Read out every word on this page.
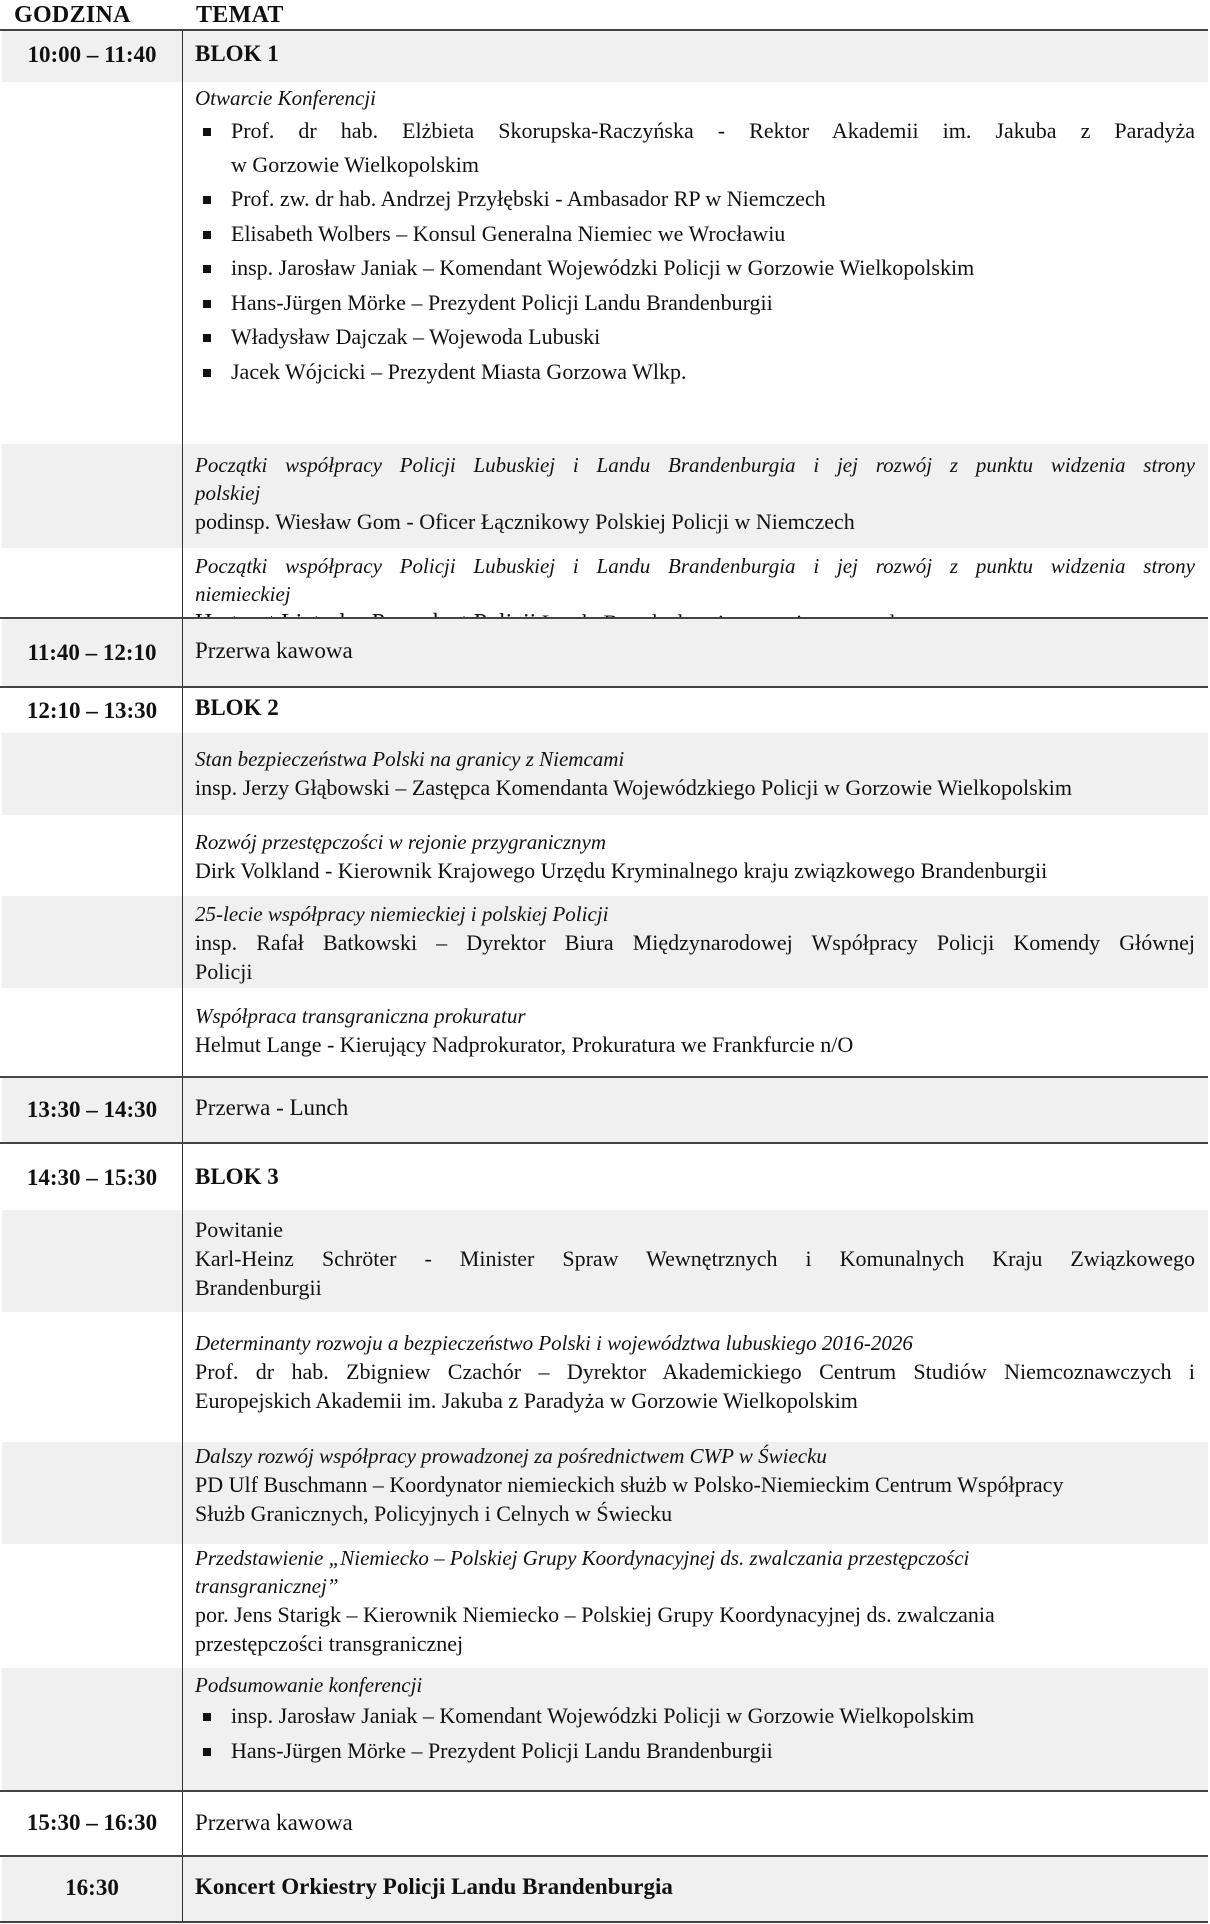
GODZINA	TEMAT
10:00 – 11:40	BLOK 1
Otwarcie Konferencji
Prof. dr hab. Elżbieta Skorupska-Raczyńska - Rektor Akademii im. Jakuba z Paradyża
w Gorzowie Wielkopolskim
Prof. zw. dr hab. Andrzej Przyłębski - Ambasador RP w Niemczech
Elisabeth Wolbers – Konsul Generalna Niemiec we Wrocławiu
insp. Jarosław Janiak – Komendant Wojewódzki Policji w Gorzowie Wielkopolskim
Hans-Jürgen Mörke – Prezydent Policji Landu Brandenburgii
Władysław Dajczak – Wojewoda Lubuski
Jacek Wójcicki – Prezydent Miasta Gorzowa Wlkp.
Początki współpracy Policji Lubuskiej i Landu Brandenburgia i jej rozwój z punktu widzenia strony
polskiej
podinsp. Wiesław Gom - Oficer Łącznikowy Polskiej Policji w Niemczech
Początki współpracy Policji Lubuskiej i Landu Brandenburgia i jej rozwój z punktu widzenia strony
niemieckiej
11:40 – 12:10	Przerwa kawowa
12:10 – 13:30	BLOK 2
Stan bezpieczeństwa Polski na granicy z Niemcami
insp. Jerzy Głąbowski – Zastępca Komendanta Wojewódzkiego Policji w Gorzowie Wielkopolskim
Rozwój przestępczości w rejonie przygranicznym
Dirk Volkland - Kierownik Krajowego Urzędu Kryminalnego kraju związkowego Brandenburgii
25-lecie współpracy niemieckiej i polskiej Policji
insp. Rafał Batkowski – Dyrektor Biura Międzynarodowej Współpracy Policji Komendy Głównej
Policji
Współpraca transgraniczna prokuratur
Helmut Lange - Kierujący Nadprokurator, Prokuratura we Frankfurcie n/O
13:30 – 14:30	Przerwa - Lunch
14:30 – 15:30	BLOK 3
Powitanie
Karl-Heinz Schröter - Minister Spraw Wewnętrznych i Komunalnych Kraju Związkowego
Brandenburgii
Determinanty rozwoju a bezpieczeństwo Polski i województwa lubuskiego 2016-2026
Prof. dr hab. Zbigniew Czachór – Dyrektor Akademickiego Centrum Studiów Niemcoznawczych i
Europejskich Akademii im. Jakuba z Paradyża w Gorzowie Wielkopolskim
Dalszy rozwój współpracy prowadzonej za pośrednictwem CWP w Świecku
PD Ulf Buschmann – Koordynator niemieckich służb w Polsko-Niemieckim Centrum Współpracy
Służb Granicznych, Policyjnych i Celnych w Świecku
Przedstawienie „Niemiecko – Polskiej Grupy Koordynacyjnej ds. zwalczania przestępczości
transgranicznej”
por. Jens Starigk – Kierownik Niemiecko – Polskiej Grupy Koordynacyjnej ds. zwalczania
przestępczości transgranicznej
Podsumowanie konferencji
insp. Jarosław Janiak – Komendant Wojewódzki Policji w Gorzowie Wielkopolskim
Hans-Jürgen Mörke – Prezydent Policji Landu Brandenburgii
15:30 – 16:30	Przerwa kawowa
16:30	Koncert Orkiestry Policji Landu Brandenburgia
